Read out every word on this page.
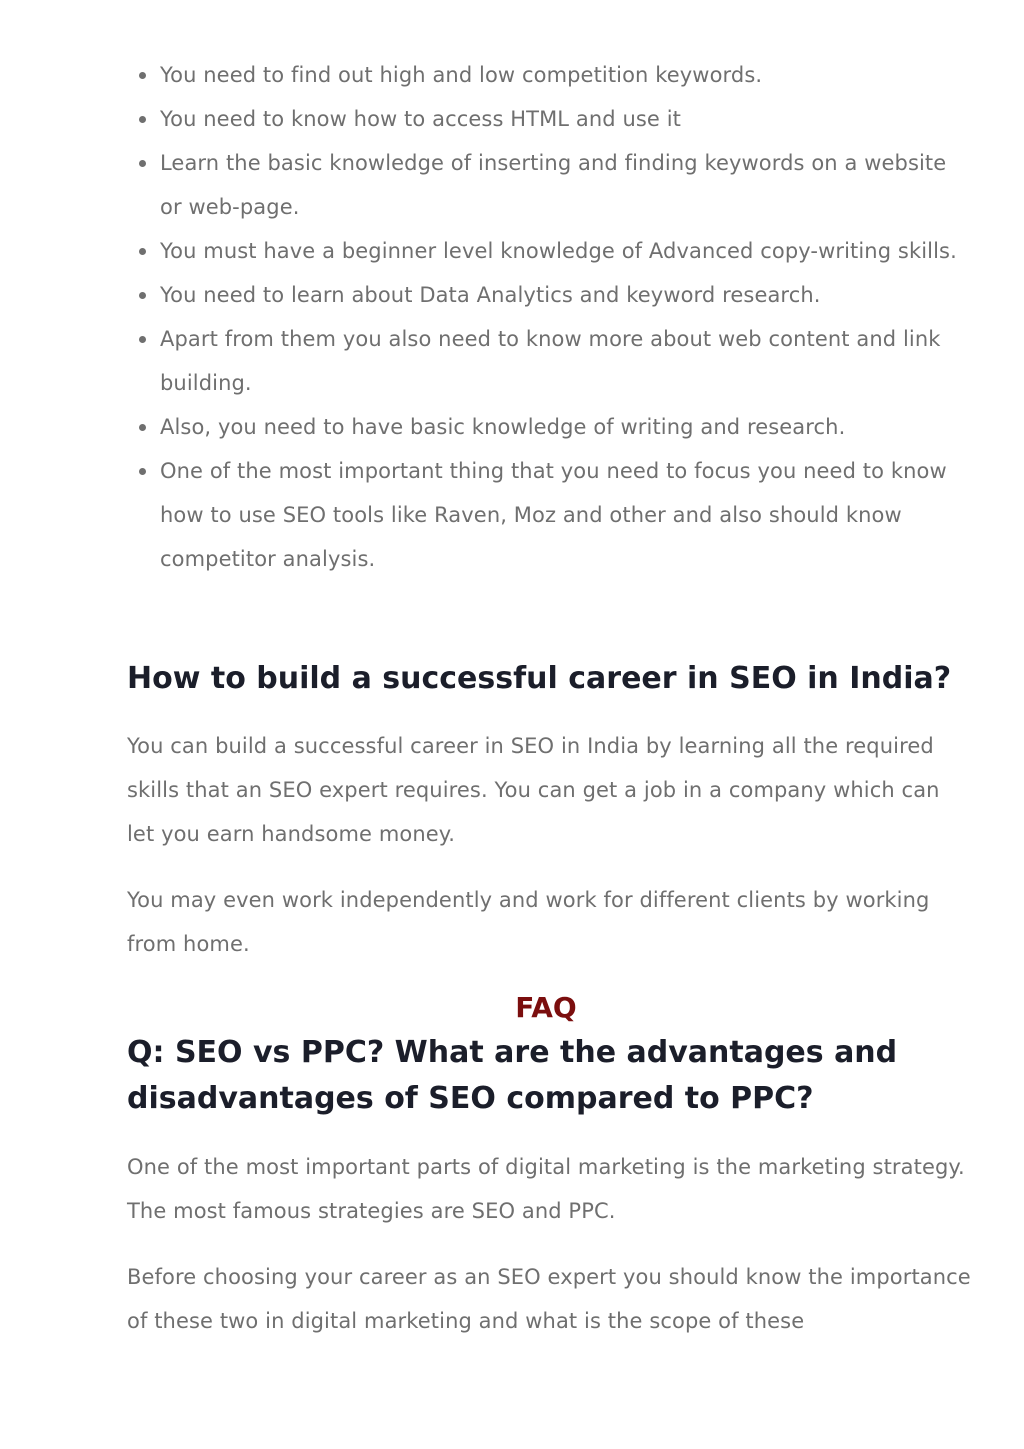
You need to find out high and low competition keywords.
You need to know how to access HTML and use it
Learn the basic knowledge of inserting and finding keywords on a website or web-page.
You must have a beginner level knowledge of Advanced copy-writing skills.
You need to learn about Data Analytics and keyword research.
Apart from them you also need to know more about web content and link building.
Also, you need to have basic knowledge of writing and research.
One of the most important thing that you need to focus you need to know how to use SEO tools like Raven, Moz and other and also should know competitor analysis.
How to build a successful career in SEO in India?

You can build a successful career in SEO in India by learning all the required skills that an SEO expert requires. You can get a job in a company which can let you earn handsome money.

You may even work independently and work for different clients by working from home.

FAQ
Q: SEO vs PPC? What are the advantages and disadvantages of SEO compared to PPC?

One of the most important parts of digital marketing is the marketing strategy. The most famous strategies are SEO and PPC.

Before choosing your career as an SEO expert you should know the importance of these two in digital marketing and what is the scope of these
